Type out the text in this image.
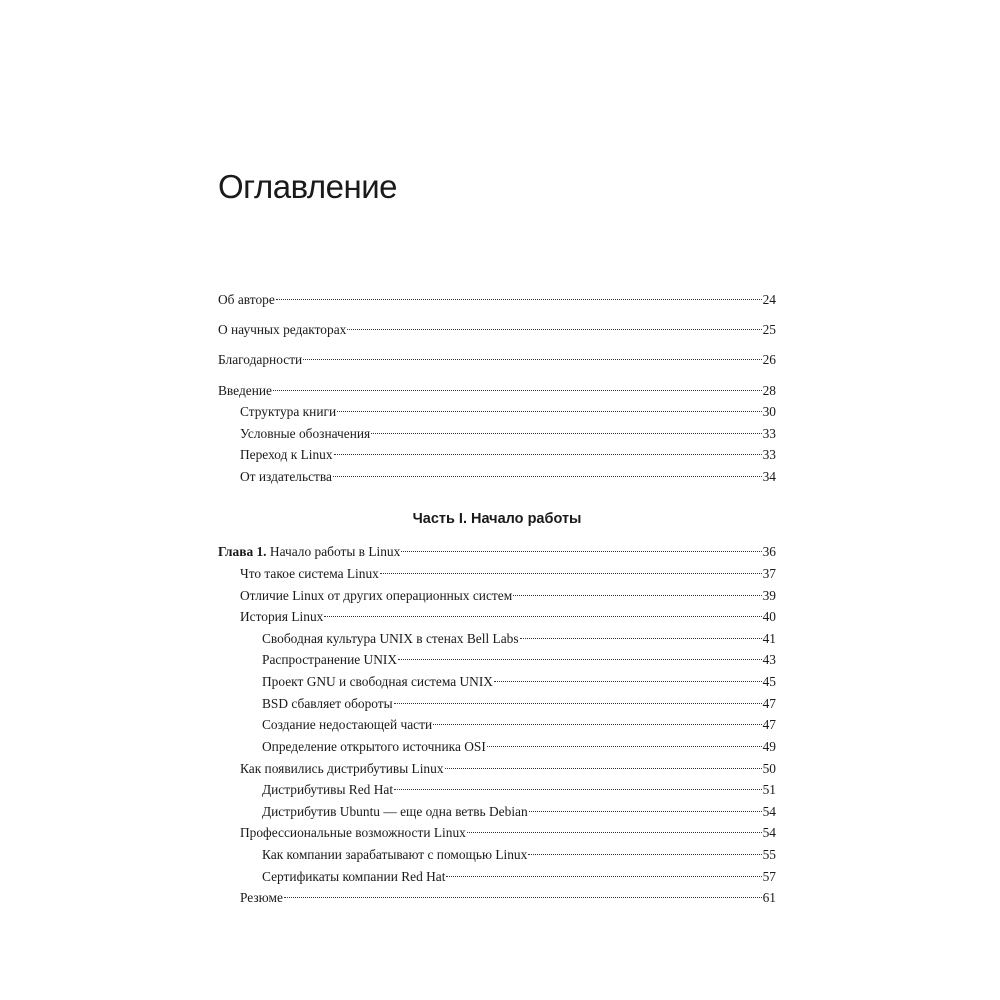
Оглавление
Об авторе	24
О научных редакторах	25
Благодарности	26
Введение	28
Структура книги	30
Условные обозначения	33
Переход к Linux	33
От издательства	34
Часть I. Начало работы
Глава 1. Начало работы в Linux	36
Что такое система Linux	37
Отличие Linux от других операционных систем	39
История Linux	40
Свободная культура UNIX в стенах Bell Labs	41
Распространение UNIX	43
Проект GNU и свободная система UNIX	45
BSD сбавляет обороты	47
Создание недостающей части	47
Определение открытого источника OSI	49
Как появились дистрибутивы Linux	50
Дистрибутивы Red Hat	51
Дистрибутив Ubuntu — еще одна ветвь Debian	54
Профессиональные возможности Linux	54
Как компании зарабатывают с помощью Linux	55
Сертификаты компании Red Hat	57
Резюме	61
